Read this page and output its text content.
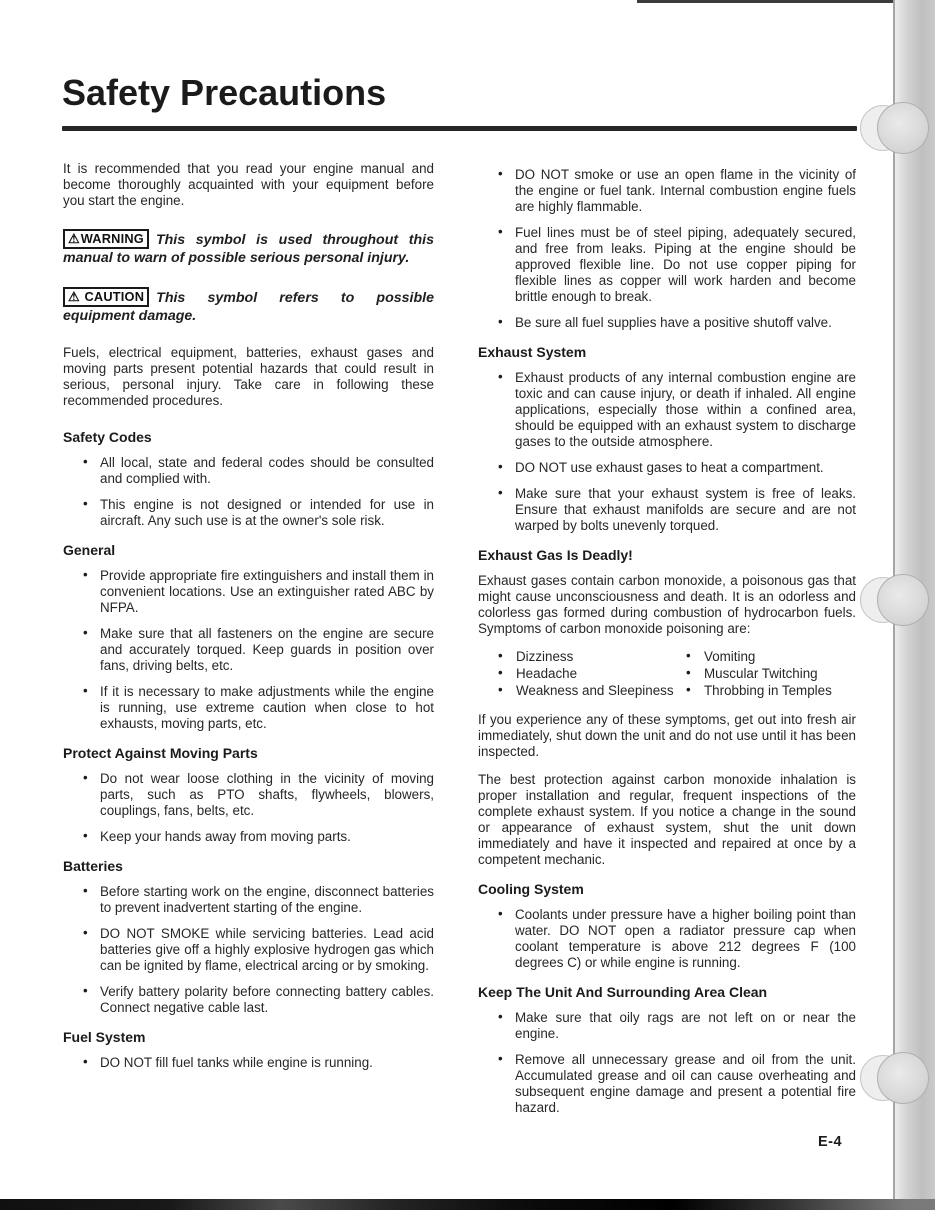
Safety Precautions

It is recommended that you read your engine manual and become thoroughly acquainted with your equipment before you start the engine.

⚠WARNING This symbol is used throughout this manual to warn of possible serious personal injury.

⚠ CAUTION This symbol refers to possible equipment damage.

Fuels, electrical equipment, batteries, exhaust gases and moving parts present potential hazards that could result in serious, personal injury. Take care in following these recommended procedures.

Safety Codes
• All local, state and federal codes should be consulted and complied with.
• This engine is not designed or intended for use in aircraft. Any such use is at the owner's sole risk.
General
• Provide appropriate fire extinguishers and install them in convenient locations. Use an extinguisher rated ABC by NFPA.
• Make sure that all fasteners on the engine are secure and accurately torqued. Keep guards in position over fans, driving belts, etc.
• If it is necessary to make adjustments while the engine is running, use extreme caution when close to hot exhausts, moving parts, etc.
Protect Against Moving Parts
• Do not wear loose clothing in the vicinity of moving parts, such as PTO shafts, flywheels, blowers, couplings, fans, belts, etc.
• Keep your hands away from moving parts.
Batteries
• Before starting work on the engine, disconnect batteries to prevent inadvertent starting of the engine.
• DO NOT SMOKE while servicing batteries. Lead acid batteries give off a highly explosive hydrogen gas which can be ignited by flame, electrical arcing or by smoking.
• Verify battery polarity before connecting battery cables. Connect negative cable last.
Fuel System
• DO NOT fill fuel tanks while engine is running.
• DO NOT smoke or use an open flame in the vicinity of the engine or fuel tank. Internal combustion engine fuels are highly flammable.
• Fuel lines must be of steel piping, adequately secured, and free from leaks. Piping at the engine should be approved flexible line. Do not use copper piping for flexible lines as copper will work harden and become brittle enough to break.
• Be sure all fuel supplies have a positive shutoff valve.
Exhaust System
• Exhaust products of any internal combustion engine are toxic and can cause injury, or death if inhaled. All engine applications, especially those within a confined area, should be equipped with an exhaust system to discharge gases to the outside atmosphere.
• DO NOT use exhaust gases to heat a compartment.
• Make sure that your exhaust system is free of leaks. Ensure that exhaust manifolds are secure and are not warped by bolts unevenly torqued.
Exhaust Gas Is Deadly!

Exhaust gases contain carbon monoxide, a poisonous gas that might cause unconsciousness and death. It is an odorless and colorless gas formed during combustion of hydrocarbon fuels. Symptoms of carbon monoxide poisoning are:

• Dizziness
• Headache
• Weakness and Sleepiness
• Vomiting
• Muscular Twitching
• Throbbing in Temples

If you experience any of these symptoms, get out into fresh air immediately, shut down the unit and do not use until it has been inspected.

The best protection against carbon monoxide inhalation is proper installation and regular, frequent inspections of the complete exhaust system. If you notice a change in the sound or appearance of exhaust system, shut the unit down immediately and have it inspected and repaired at once by a competent mechanic.

Cooling System
• Coolants under pressure have a higher boiling point than water. DO NOT open a radiator pressure cap when coolant temperature is above 212 degrees F (100 degrees C) or while engine is running.
Keep The Unit And Surrounding Area Clean
• Make sure that oily rags are not left on or near the engine.
• Remove all unnecessary grease and oil from the unit. Accumulated grease and oil can cause overheating and subsequent engine damage and present a potential fire hazard.
E-4
